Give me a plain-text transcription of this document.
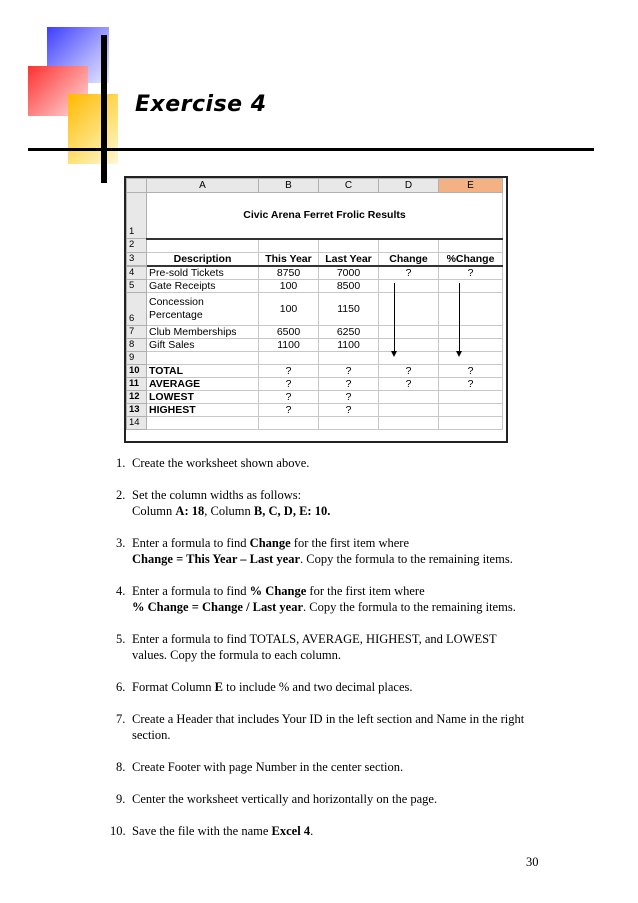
Exercise 4
	A	B	C	D	E
1	Civic Arena Ferret Frolic Results				
2					
3	Description	This Year	Last Year	Change	%Change
4	Pre-sold Tickets	8750	7000	?	?
5	Gate Receipts	100	8500		
6	Concession
Percentage	100	1150		
7	Club Memberships	6500	6250		
8	Gift Sales	1100	1100		
9					
10	TOTAL	?	?	?	?
11	AVERAGE	?	?	?	?
12	LOWEST	?	?		
13	HIGHEST	?	?		
14					
1. Create the worksheet shown above.
2. Set the column widths as follows:
Column A: 18, Column B, C, D, E: 10.
3. Enter a formula to find Change for the first item where
Change = This Year – Last year. Copy the formula to the remaining items.
4. Enter a formula to find % Change for the first item where
% Change = Change / Last year. Copy the formula to the remaining items.
5. Enter a formula to find TOTALS, AVERAGE, HIGHEST, and LOWEST
values. Copy the formula to each column.
6. Format Column E to include % and two decimal places.
7. Create a Header that includes Your ID in the left section and Name in the right
section.
8. Create Footer with page Number in the center section.
9. Center the worksheet vertically and horizontally on the page.
10. Save the file with the name Excel 4.
30
